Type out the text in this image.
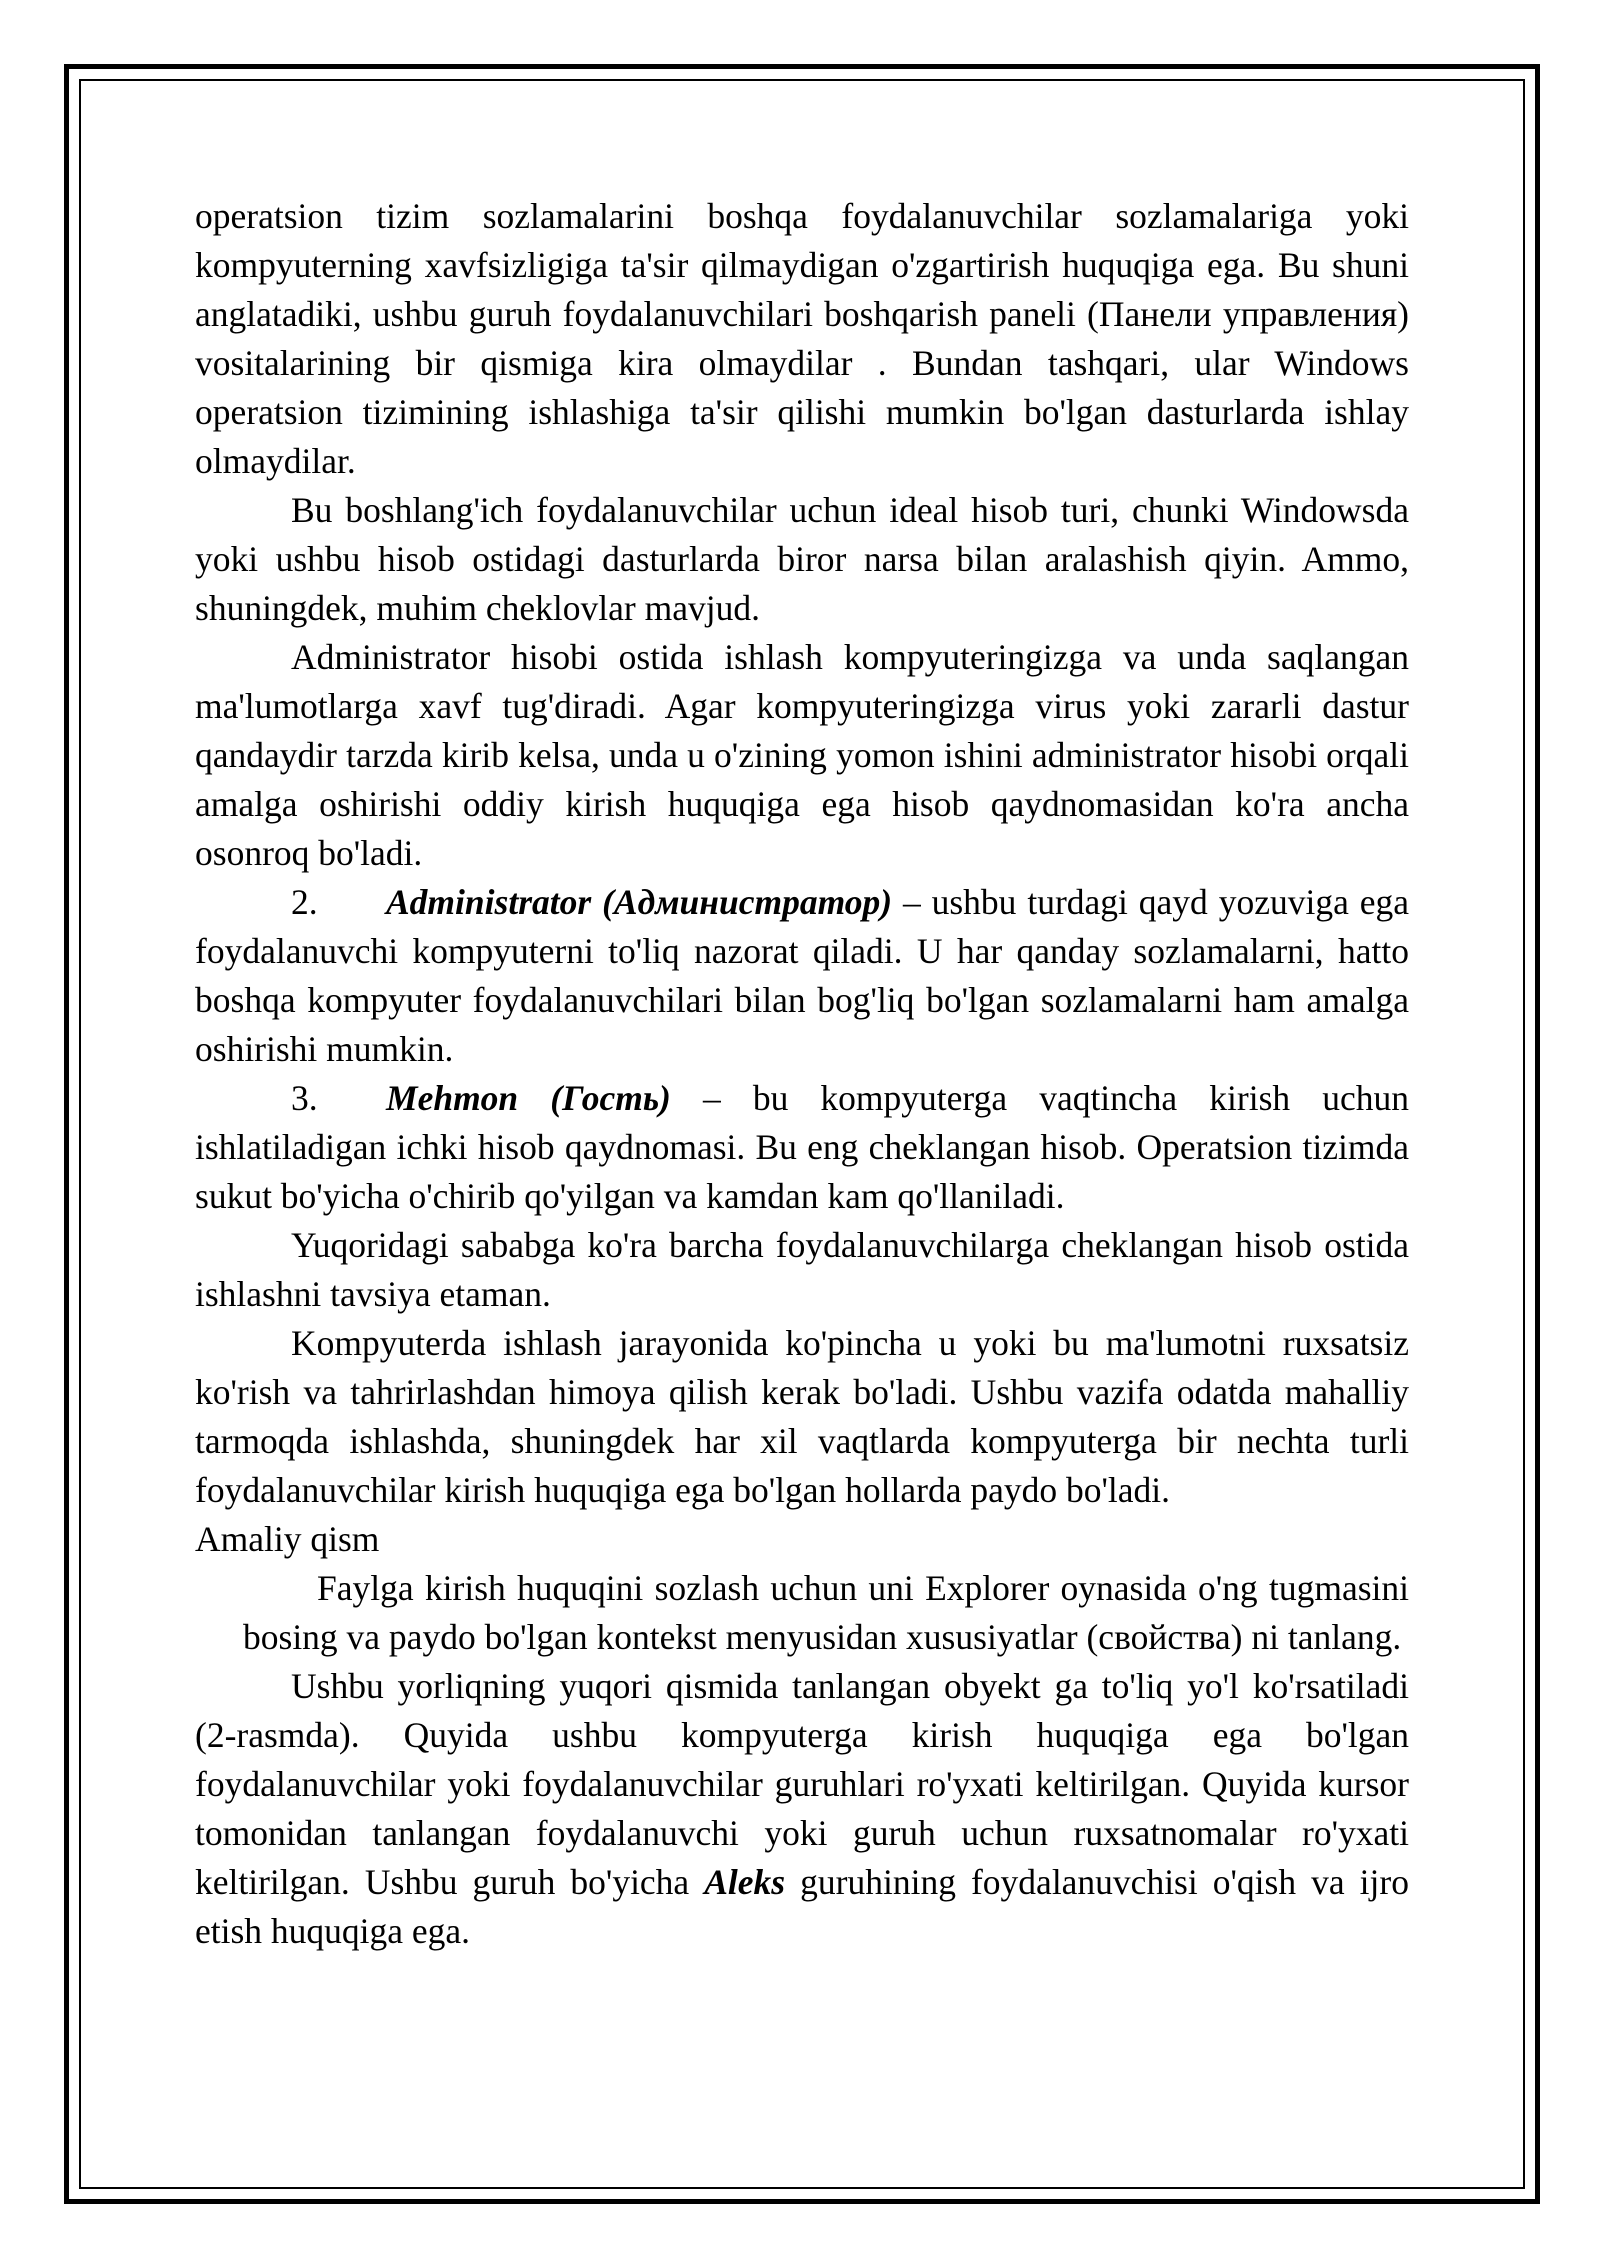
operatsion tizim sozlamalarini boshqa foydalanuvchilar sozlamalariga yoki kompyuterning xavfsizligiga ta'sir qilmaydigan o'zgartirish huquqiga ega. Bu shuni anglatadiki, ushbu guruh foydalanuvchilari boshqarish paneli (Панели управления) vositalarining bir qismiga kira olmaydilar . Bundan tashqari, ular Windows operatsion tizimining ishlashiga ta'sir qilishi mumkin bo'lgan dasturlarda ishlay olmaydilar.

Bu boshlang'ich foydalanuvchilar uchun ideal hisob turi, chunki Windowsda yoki ushbu hisob ostidagi dasturlarda biror narsa bilan aralashish qiyin. Ammo, shuningdek, muhim cheklovlar mavjud.

Administrator hisobi ostida ishlash kompyuteringizga va unda saqlangan ma'lumotlarga xavf tug'diradi. Agar kompyuteringizga virus yoki zararli dastur qandaydir tarzda kirib kelsa, unda u o'zining yomon ishini administrator hisobi orqali amalga oshirishi oddiy kirish huquqiga ega hisob qaydnomasidan ko'ra ancha osonroq bo'ladi.

2. Administrator (Администратор) – ushbu turdagi qayd yozuviga ega foydalanuvchi kompyuterni to'liq nazorat qiladi. U har qanday sozlamalarni, hatto boshqa kompyuter foydalanuvchilari bilan bog'liq bo'lgan sozlamalarni ham amalga oshirishi mumkin.

3. Mehmon (Гость) – bu kompyuterga vaqtincha kirish uchun ishlatiladigan ichki hisob qaydnomasi. Bu eng cheklangan hisob. Operatsion tizimda sukut bo'yicha o'chirib qo'yilgan va kamdan kam qo'llaniladi.

Yuqoridagi sababga ko'ra barcha foydalanuvchilarga cheklangan hisob ostida ishlashni tavsiya etaman.

Kompyuterda ishlash jarayonida ko'pincha u yoki bu ma'lumotni ruxsatsiz ko'rish va tahrirlashdan himoya qilish kerak bo'ladi. Ushbu vazifa odatda mahalliy tarmoqda ishlashda, shuningdek har xil vaqtlarda kompyuterga bir nechta turli foydalanuvchilar kirish huquqiga ega bo'lgan hollarda paydo bo'ladi.

Amaliy qism

Faylga kirish huquqini sozlash uchun uni Explorer oynasida o'ng tugmasini bosing va paydo bo'lgan kontekst menyusidan xususiyatlar (свойства) ni tanlang.

Ushbu yorliqning yuqori qismida tanlangan obyekt ga to'liq yo'l ko'rsatiladi (2-rasmda). Quyida ushbu kompyuterga kirish huquqiga ega bo'lgan foydalanuvchilar yoki foydalanuvchilar guruhlari ro'yxati keltirilgan. Quyida kursor tomonidan tanlangan foydalanuvchi yoki guruh uchun ruxsatnomalar ro'yxati keltirilgan. Ushbu guruh bo'yicha Aleks guruhining foydalanuvchisi o'qish va ijro etish huquqiga ega.
